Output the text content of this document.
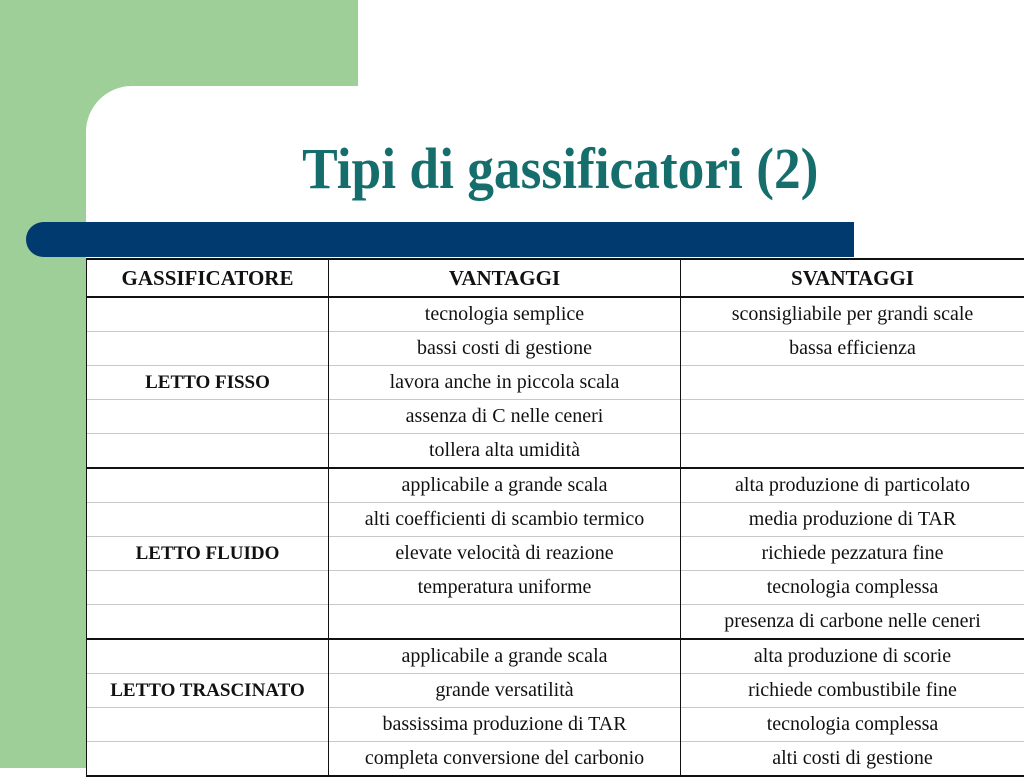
Tipi di gassificatori (2)
GASSIFICATORE	VANTAGGI	SVANTAGGI
	tecnologia semplice	sconsigliabile per grandi scale
	bassi costi di gestione	bassa efficienza
LETTO FISSO	lavora anche in piccola scala	
	assenza di C nelle ceneri	
	tollera alta umidità	
	applicabile a grande scala	alta produzione di particolato
	alti coefficienti di scambio termico	media produzione di TAR
LETTO FLUIDO	elevate velocità di reazione	richiede pezzatura fine
	temperatura uniforme	tecnologia complessa
		presenza di carbone nelle ceneri
	applicabile a grande scala	alta produzione di scorie
LETTO TRASCINATO	grande versatilità	richiede combustibile fine
	bassissima produzione di TAR	tecnologia complessa
	completa conversione del carbonio	alti costi di gestione
